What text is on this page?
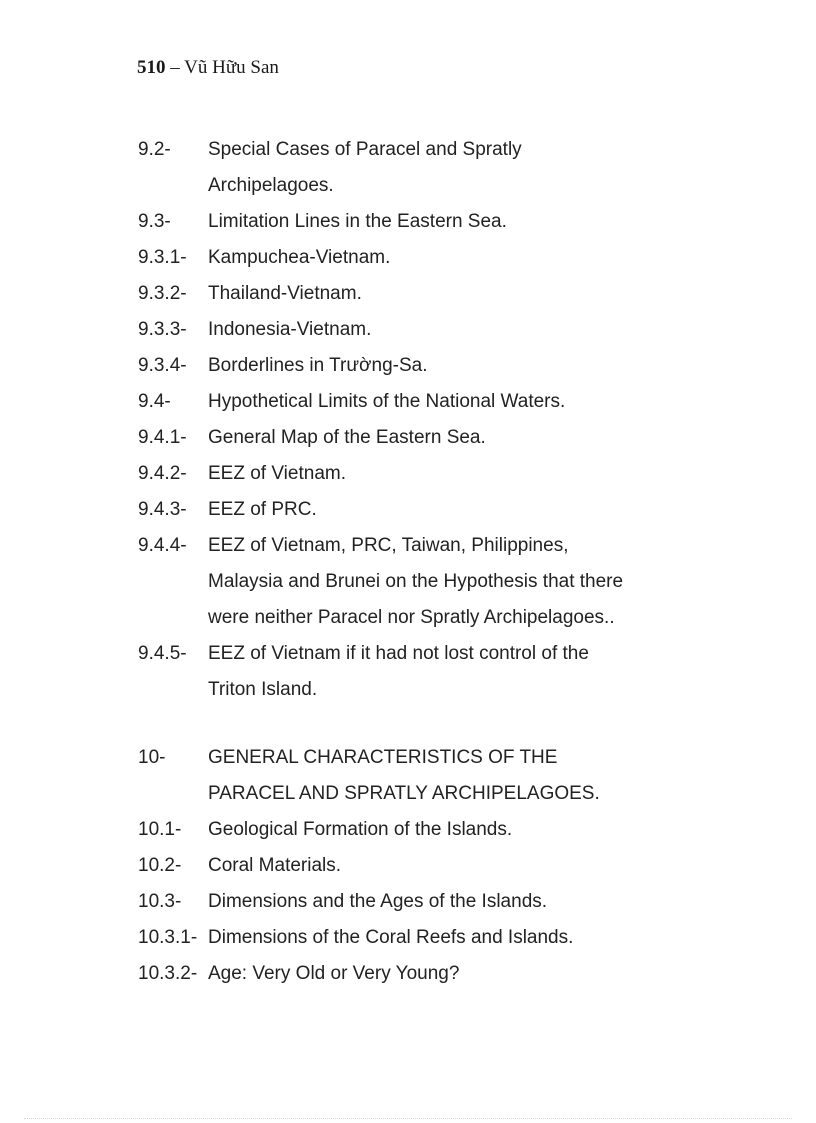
510 – Vũ Hữu San
9.2-	Special Cases of Paracel and Spratly
Archipelagoes.
9.3-	Limitation Lines in the Eastern Sea.
9.3.1-	Kampuchea-Vietnam.
9.3.2-	Thailand-Vietnam.
9.3.3-	Indonesia-Vietnam.
9.3.4-	Borderlines in Trường-Sa.
9.4-	Hypothetical Limits of the National Waters.
9.4.1-	General Map of the Eastern Sea.
9.4.2-	EEZ of Vietnam.
9.4.3-	EEZ of PRC.
9.4.4-	EEZ of Vietnam, PRC, Taiwan, Philippines,
Malaysia and Brunei on the Hypothesis that there
were neither Paracel nor Spratly Archipelagoes..
9.4.5-	EEZ of Vietnam if it had not lost control of the
Triton Island.
10-	GENERAL CHARACTERISTICS OF THE
PARACEL AND SPRATLY ARCHIPELAGOES.
10.1-	Geological Formation of the Islands.
10.2-	Coral Materials.
10.3-	Dimensions and the Ages of the Islands.
10.3.1- Dimensions of the Coral Reefs and Islands.
10.3.2- Age: Very Old or Very Young?
